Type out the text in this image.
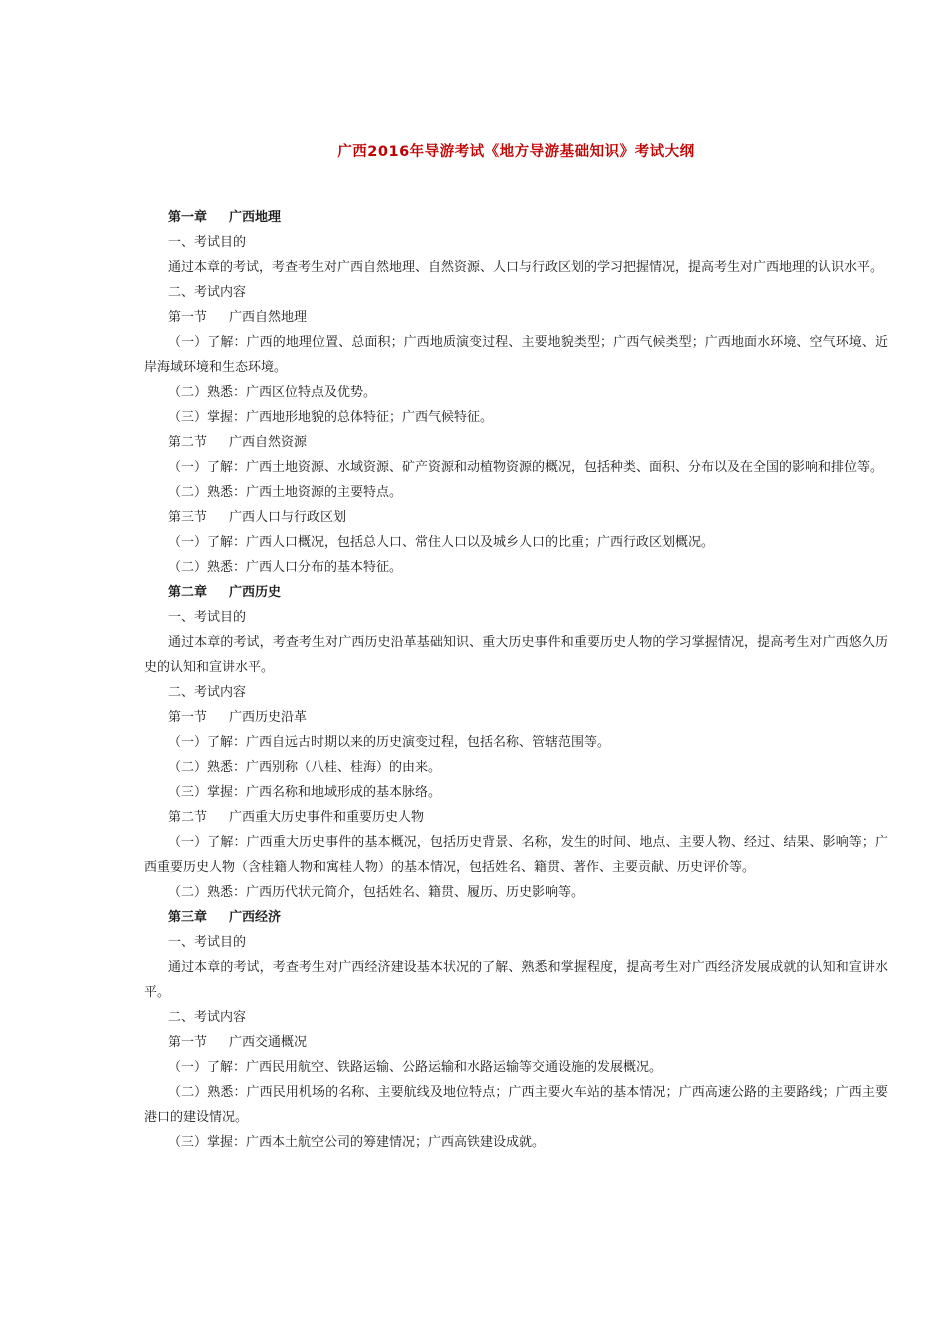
广西2016年导游考试《地方导游基础知识》考试大纲
第一章 广西地理
一、考试目的
通过本章的考试，考查考生对广西自然地理、自然资源、人口与行政区划的学习把握情况，提高考生对广西地理的认识水平。
二、考试内容
第一节 广西自然地理
（一）了解：广西的地理位置、总面积；广西地质演变过程、主要地貌类型；广西气候类型；广西地面水环境、空气环境、近岸海域环境和生态环境。
（二）熟悉：广西区位特点及优势。
（三）掌握：广西地形地貌的总体特征；广西气候特征。
第二节 广西自然资源
（一）了解：广西土地资源、水域资源、矿产资源和动植物资源的概况，包括种类、面积、分布以及在全国的影响和排位等。
（二）熟悉：广西土地资源的主要特点。
第三节 广西人口与行政区划
（一）了解：广西人口概况，包括总人口、常住人口以及城乡人口的比重；广西行政区划概况。
（二）熟悉：广西人口分布的基本特征。
第二章 广西历史
一、考试目的
通过本章的考试，考查考生对广西历史沿革基础知识、重大历史事件和重要历史人物的学习掌握情况，提高考生对广西悠久历史的认知和宣讲水平。
二、考试内容
第一节 广西历史沿革
（一）了解：广西自远古时期以来的历史演变过程，包括名称、管辖范围等。
（二）熟悉：广西别称（八桂、桂海）的由来。
（三）掌握：广西名称和地域形成的基本脉络。
第二节 广西重大历史事件和重要历史人物
（一）了解：广西重大历史事件的基本概况，包括历史背景、名称，发生的时间、地点、主要人物、经过、结果、影响等；广西重要历史人物（含桂籍人物和寓桂人物）的基本情况，包括姓名、籍贯、著作、主要贡献、历史评价等。
（二）熟悉：广西历代状元简介，包括姓名、籍贯、履历、历史影响等。
第三章 广西经济
一、考试目的
通过本章的考试，考查考生对广西经济建设基本状况的了解、熟悉和掌握程度，提高考生对广西经济发展成就的认知和宣讲水平。
二、考试内容
第一节 广西交通概况
（一）了解：广西民用航空、铁路运输、公路运输和水路运输等交通设施的发展概况。
（二）熟悉：广西民用机场的名称、主要航线及地位特点；广西主要火车站的基本情况；广西高速公路的主要路线；广西主要港口的建设情况。
（三）掌握：广西本土航空公司的筹建情况；广西高铁建设成就。
